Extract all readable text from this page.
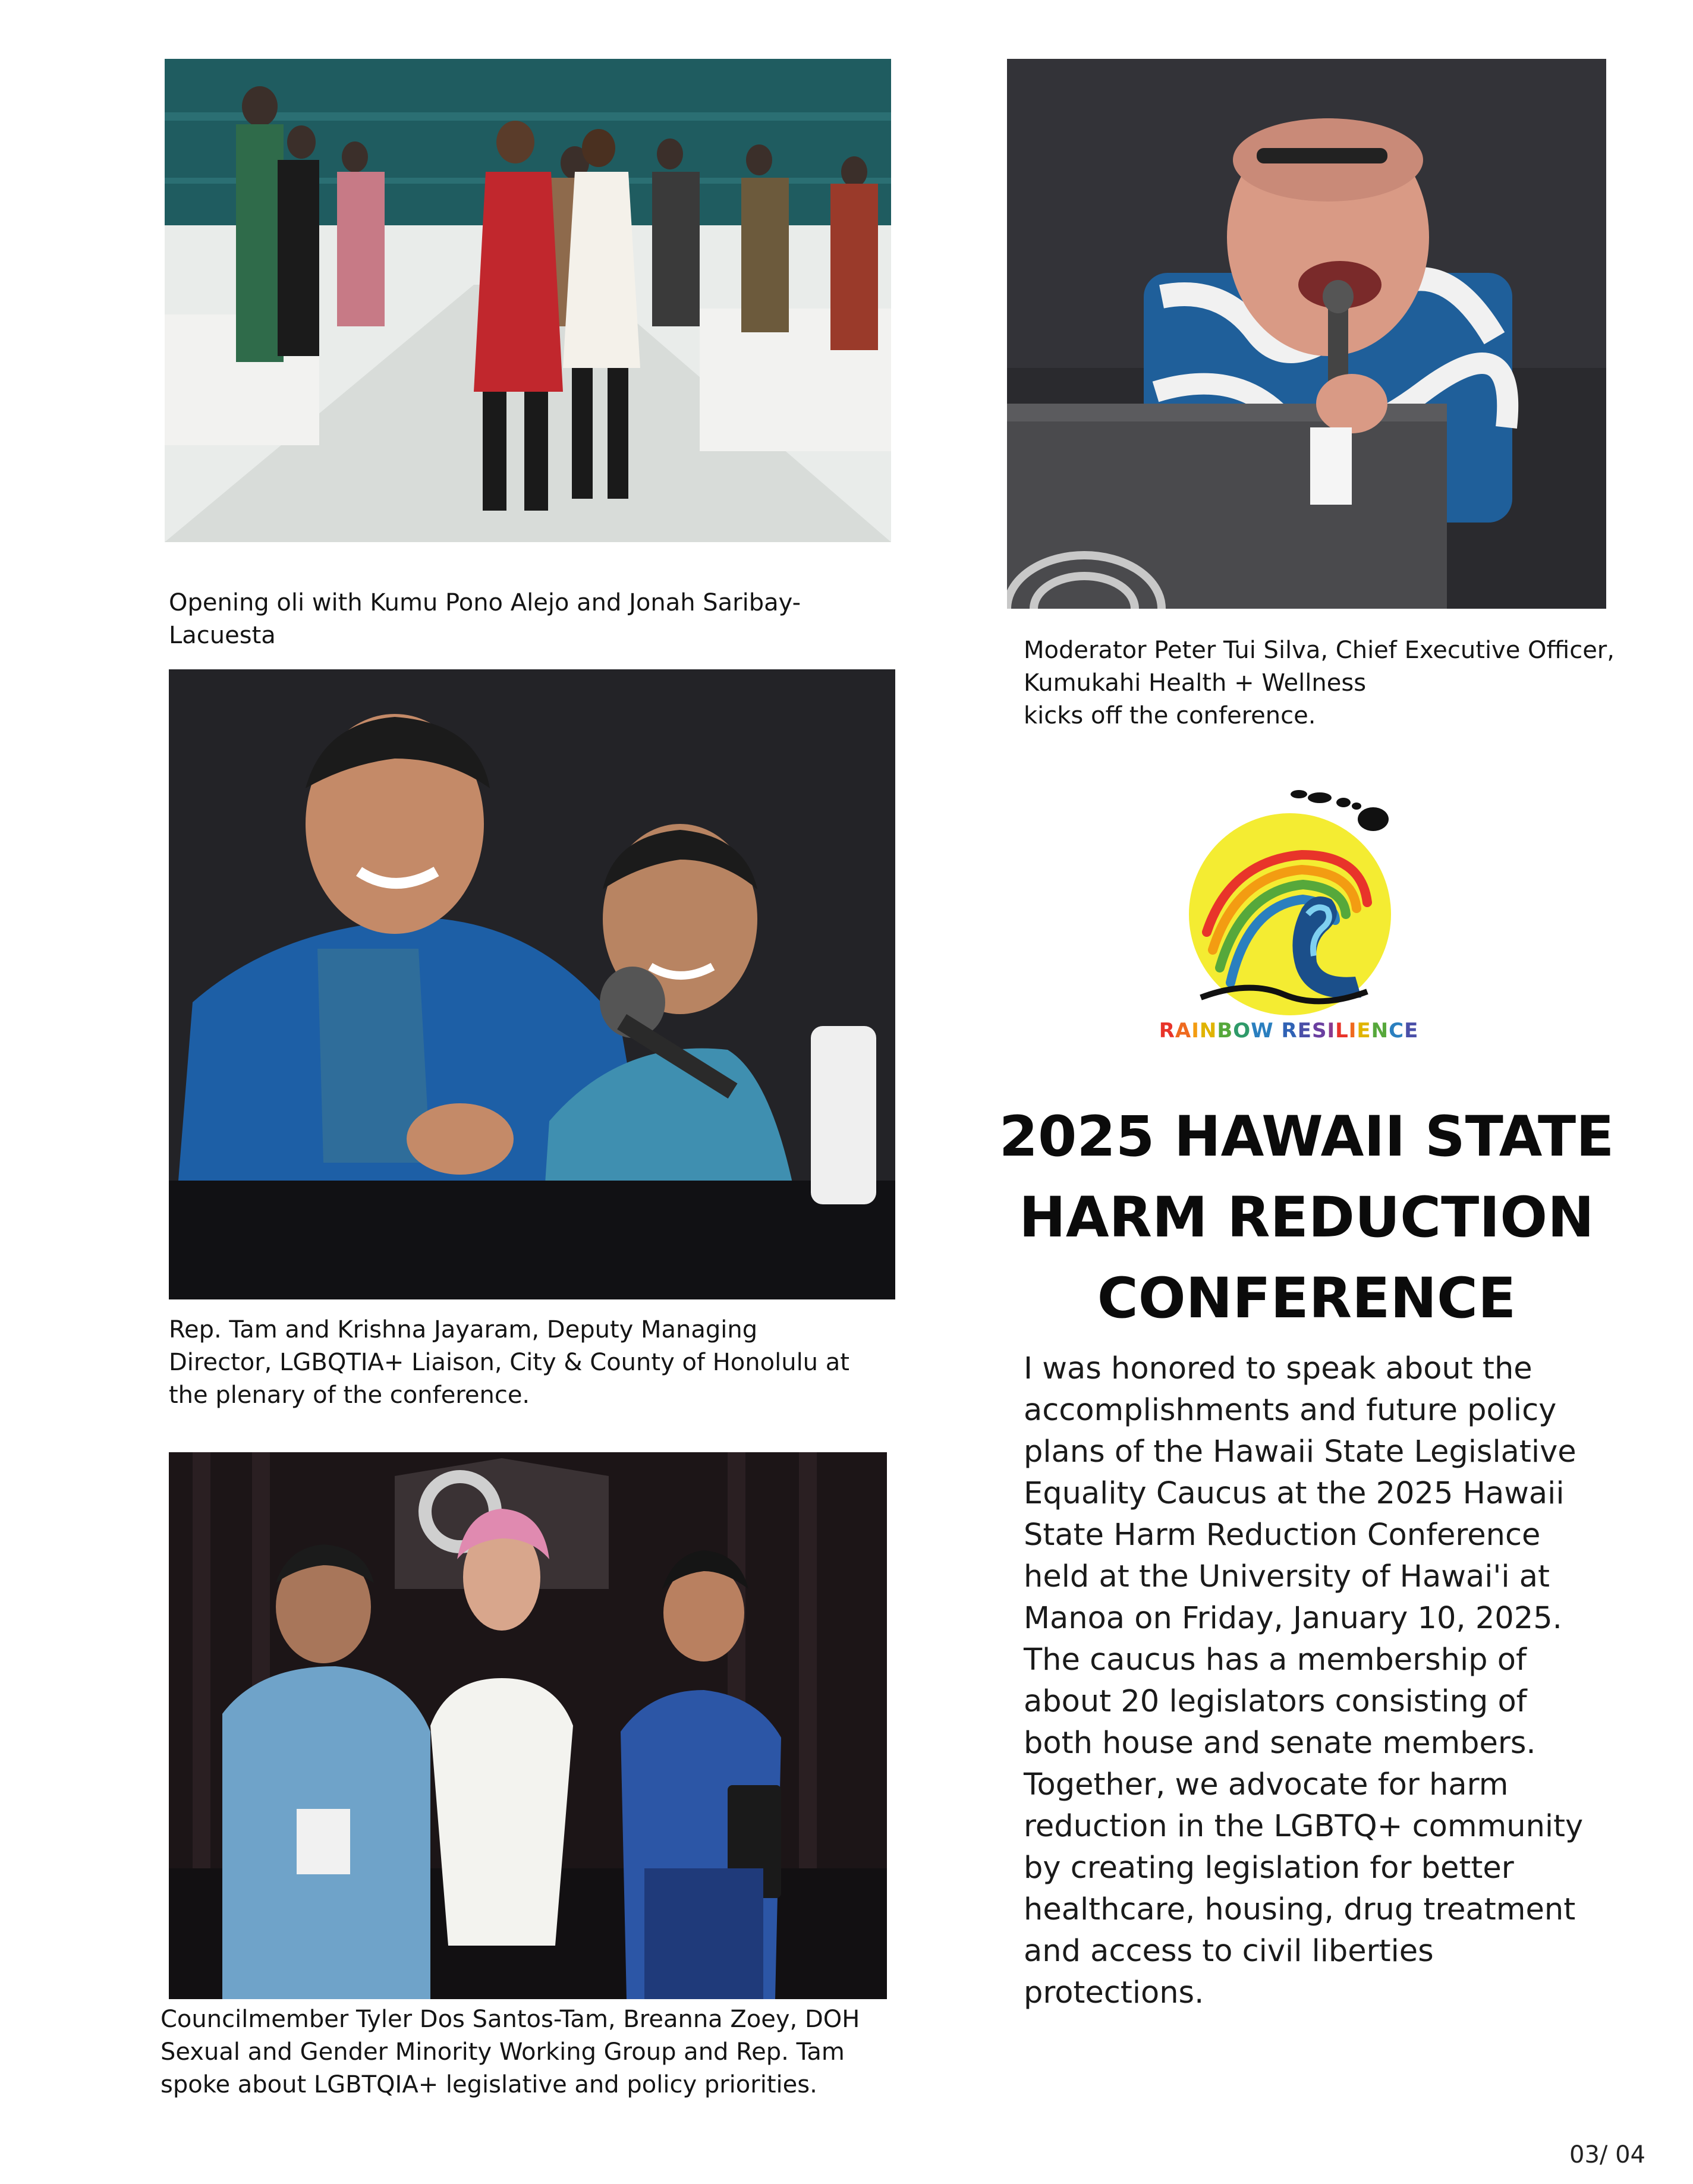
Opening oli with Kumu Pono Alejo and Jonah Saribay-
Lacuesta

Moderator Peter Tui Silva, Chief Executive Officer,
Kumukahi Health + Wellness
kicks off the conference.

Rep. Tam and Krishna Jayaram, Deputy Managing
Director, LGBQTIA+ Liaison, City & County of Honolulu at
the plenary of the conference.

Councilmember Tyler Dos Santos-Tam, Breanna Zoey, DOH
Sexual and Gender Minority Working Group and Rep. Tam
spoke about LGBTQIA+ legislative and policy priorities.

RAINBOW RESILIENCE
2025 HAWAII STATE
HARM REDUCTION
CONFERENCE
I was honored to speak about the
accomplishments and future policy
plans of the Hawaii State Legislative
Equality Caucus at the 2025 Hawaii
State Harm Reduction Conference
held at the University of Hawai'i at
Manoa on Friday, January 10, 2025.
The caucus has a membership of
about 20 legislators consisting of
both house and senate members.
Together, we advocate for harm
reduction in the LGBTQ+ community
by creating legislation for better
healthcare, housing, drug treatment
and access to civil liberties
protections.
03/ 04
